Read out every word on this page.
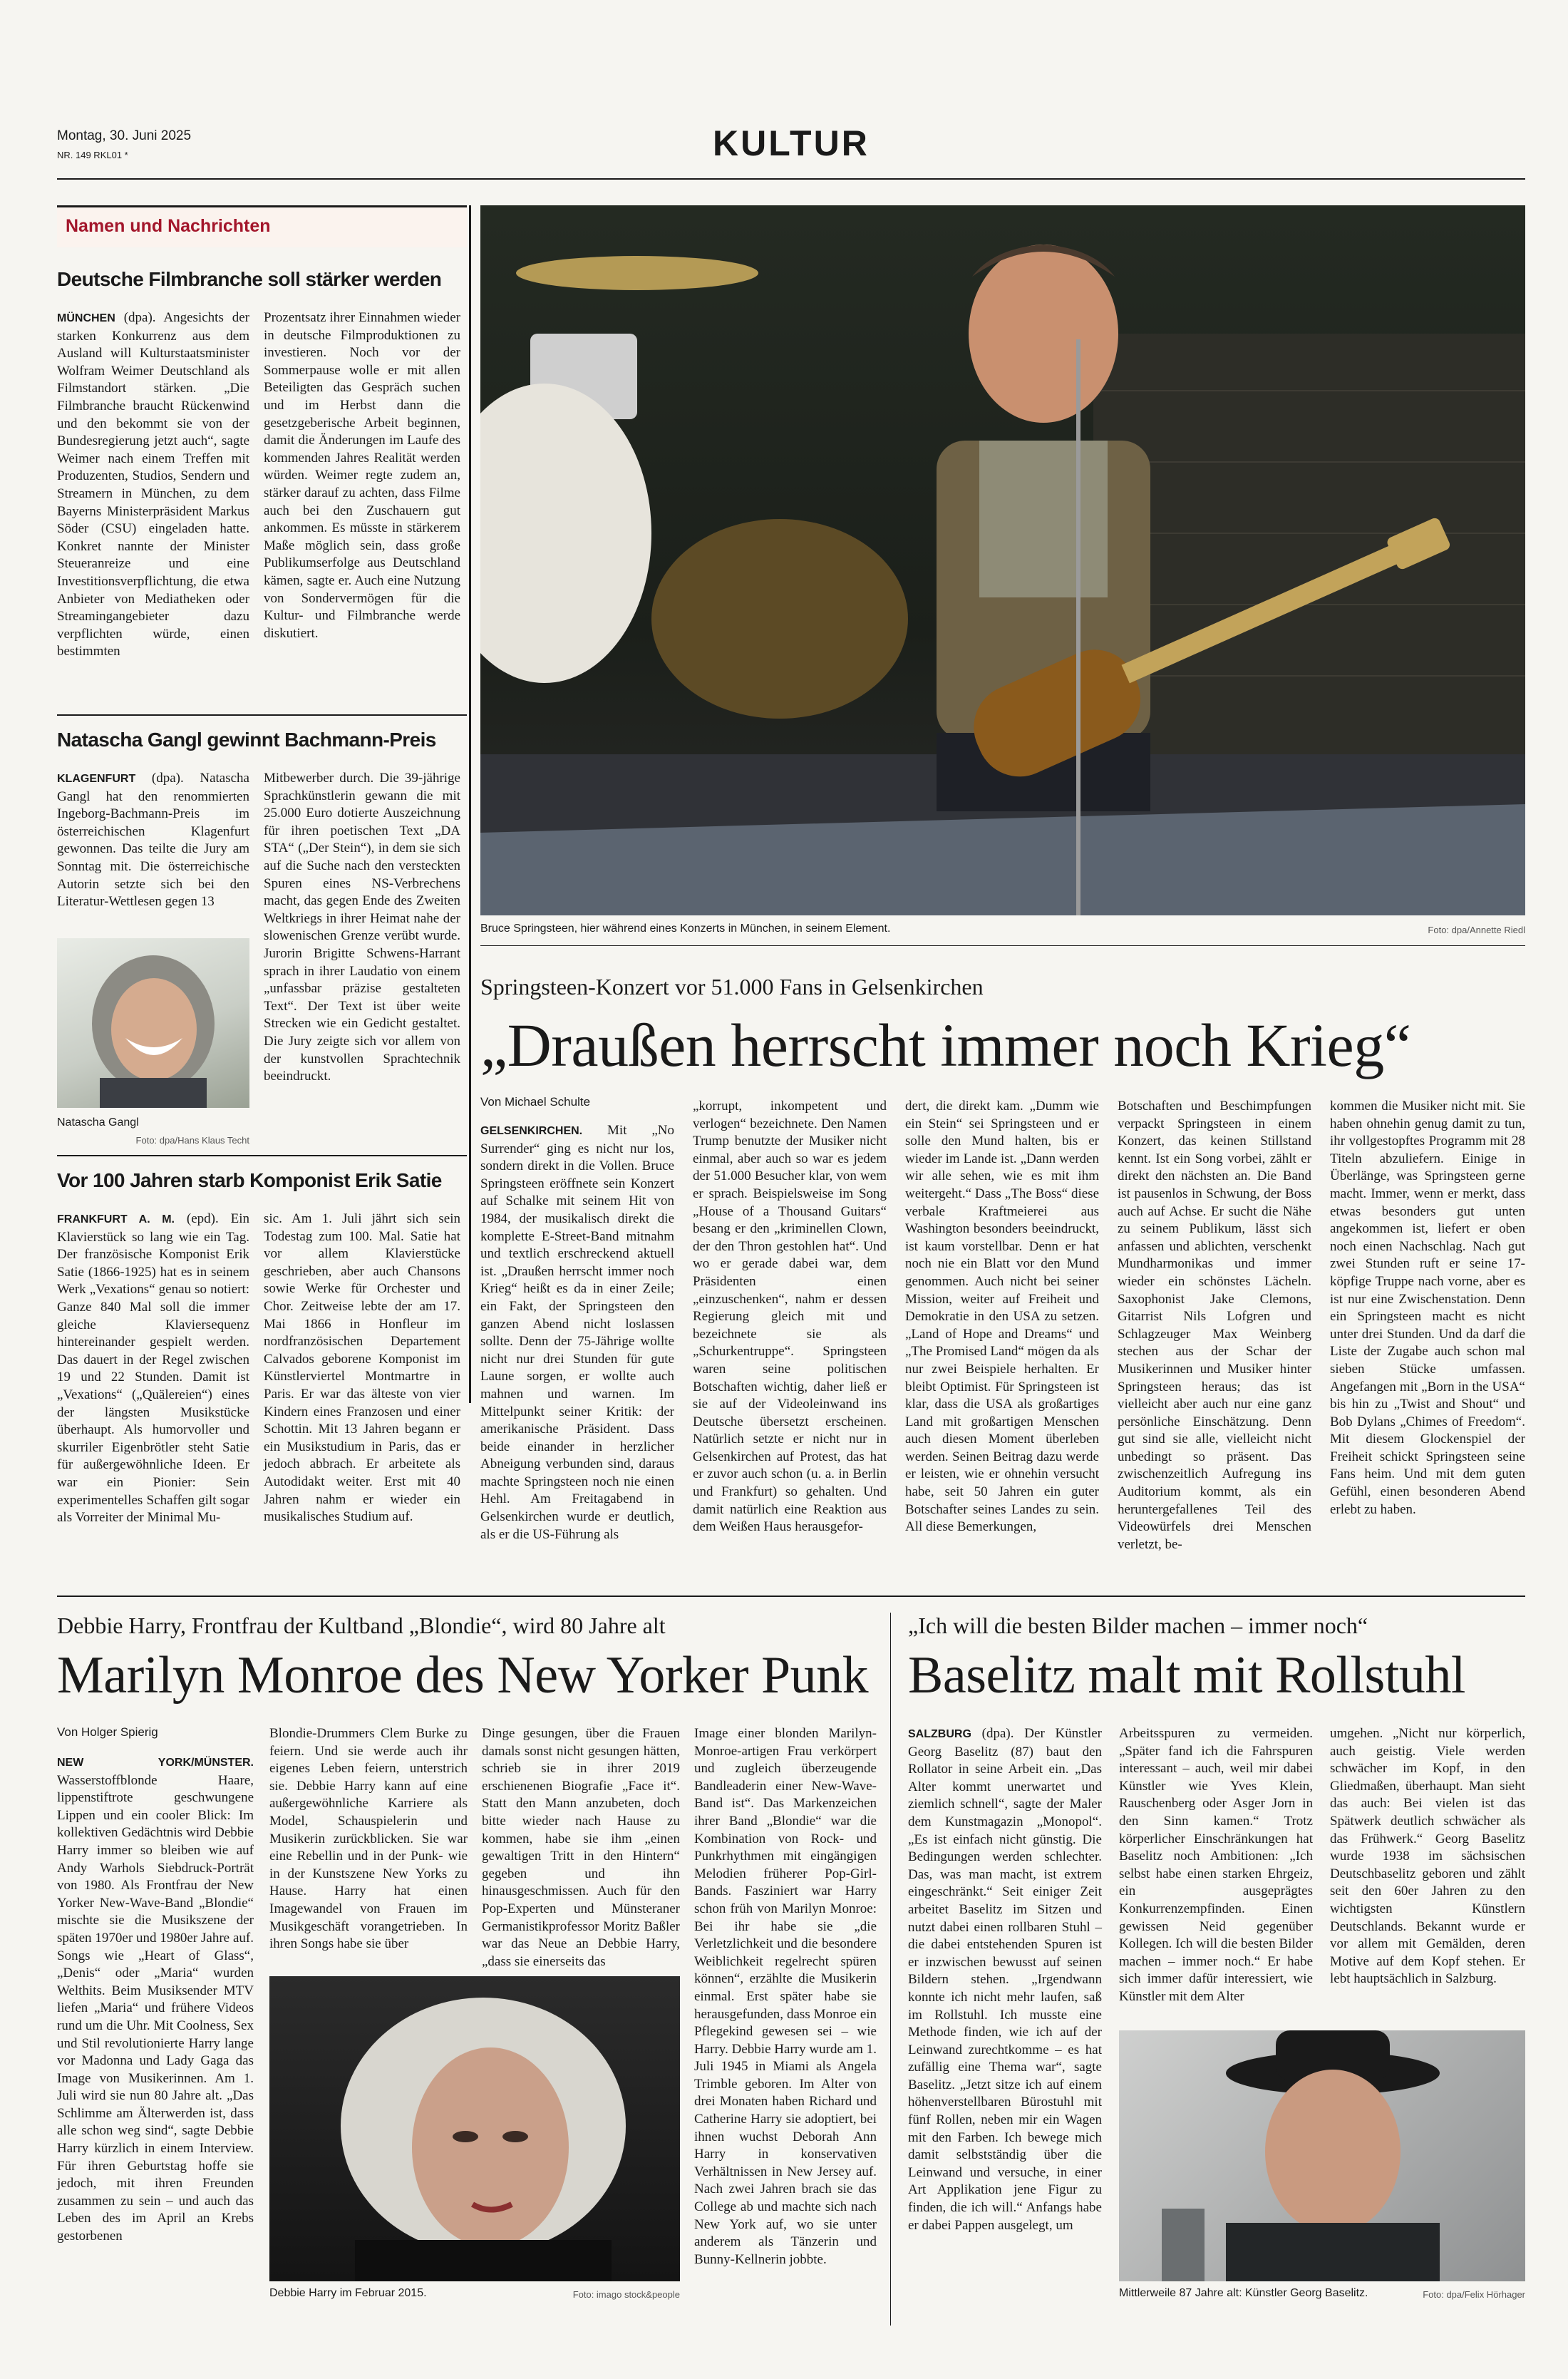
Montag, 30. Juni 2025
NR. 149 RKL01 *	KULTUR
Namen und Nachrichten
Deutsche Filmbranche soll stärker werden

MÜNCHEN (dpa). Angesichts der starken Konkurrenz aus dem Ausland will Kulturstaatsminister Wolfram Weimer Deutschland als Filmstandort stärken. „Die Filmbranche braucht Rückenwind und den bekommt sie von der Bundesregierung jetzt auch“, sagte Weimer nach einem Treffen mit Produzenten, Studios, Sendern und Streamern in München, zu dem Bayerns Ministerpräsident Markus Söder (CSU) eingeladen hatte. Konkret nannte der Minister Steueranreize und eine Investitionsverpflichtung, die etwa Anbieter von Mediatheken oder Streamingangebieter dazu verpflichten würde, einen bestimmten

Prozentsatz ihrer Einnahmen wieder in deutsche Filmproduktionen zu investieren. Noch vor der Sommerpause wolle er mit allen Beteiligten das Gespräch suchen und im Herbst dann die gesetzgeberische Arbeit beginnen, damit die Änderungen im Laufe des kommenden Jahres Realität werden würden. Weimer regte zudem an, stärker darauf zu achten, dass Filme auch bei den Zuschauern gut ankommen. Es müsste in stärkerem Maße möglich sein, dass große Publikumserfolge aus Deutschland kämen, sagte er. Auch eine Nutzung von Sondervermögen für die Kultur- und Filmbranche werde diskutiert.

Natascha Gangl gewinnt Bachmann-Preis

KLAGENFURT (dpa). Natascha Gangl hat den renommierten Ingeborg-Bachmann-Preis im österreichischen Klagenfurt gewonnen. Das teilte die Jury am Sonntag mit. Die österreichische Autorin setzte sich bei den Literatur-Wettlesen gegen 13

Natascha Gangl
Foto: dpa/Hans Klaus Techt

Mitbewerber durch. Die 39-jährige Sprachkünstlerin gewann die mit 25.000 Euro dotierte Auszeichnung für ihren poetischen Text „DA STA“ („Der Stein“), in dem sie sich auf die Suche nach den versteckten Spuren eines NS-Verbrechens macht, das gegen Ende des Zweiten Weltkriegs in ihrer Heimat nahe der slowenischen Grenze verübt wurde. Jurorin Brigitte Schwens-Harrant sprach in ihrer Laudatio von einem „unfassbar präzise gestalteten Text“. Der Text ist über weite Strecken wie ein Gedicht gestaltet. Die Jury zeigte sich vor allem von der kunstvollen Sprachtechnik beeindruckt.

Vor 100 Jahren starb Komponist Erik Satie

FRANKFURT A. M. (epd). Ein Klavierstück so lang wie ein Tag. Der französische Komponist Erik Satie (1866-1925) hat es in seinem Werk „Vexations“ genau so notiert: Ganze 840 Mal soll die immer gleiche Klaviersequenz hintereinander gespielt werden. Das dauert in der Regel zwischen 19 und 22 Stunden. Damit ist „Vexations“ („Quälereien“) eines der längsten Musikstücke überhaupt. Als humorvoller und skurriler Eigenbrötler steht Satie für außergewöhnliche Ideen. Er war ein Pionier: Sein experimentelles Schaffen gilt sogar als Vorreiter der Minimal Mu-

sic. Am 1. Juli jährt sich sein Todestag zum 100. Mal. Satie hat vor allem Klavierstücke geschrieben, aber auch Chansons sowie Werke für Orchester und Chor. Zeitweise lebte der am 17. Mai 1866 in Honfleur im nordfranzösischen Departement Calvados geborene Komponist im Künstlerviertel Montmartre in Paris. Er war das älteste von vier Kindern eines Franzosen und einer Schottin. Mit 13 Jahren begann er ein Musikstudium in Paris, das er jedoch abbrach. Er arbeitete als Autodidakt weiter. Erst mit 40 Jahren nahm er wieder ein musikalisches Studium auf.

Bruce Springsteen, hier während eines Konzerts in München, in seinem Element.	Foto: dpa/Annette Riedl
Springsteen-Konzert vor 51.000 Fans in Gelsenkirchen
„Draußen herrscht immer noch Krieg“
Von Michael Schulte

GELSENKIRCHEN. Mit „No Surrender“ ging es nicht nur los, sondern direkt in die Vollen. Bruce Springsteen eröffnete sein Konzert auf Schalke mit seinem Hit von 1984, der musikalisch direkt die komplette E-Street-Band mitnahm und textlich erschreckend aktuell ist. „Draußen herrscht immer noch Krieg“ heißt es da in einer Zeile; ein Fakt, der Springsteen den ganzen Abend nicht loslassen sollte. Denn der 75-Jährige wollte nicht nur drei Stunden für gute Laune sorgen, er wollte auch mahnen und warnen. Im Mittelpunkt seiner Kritik: der amerikanische Präsident. Dass beide einander in herzlicher Abneigung verbunden sind, daraus machte Springsteen noch nie einen Hehl. Am Freitagabend in Gelsenkirchen wurde er deutlich, als er die US-Führung als

„korrupt, inkompetent und verlogen“ bezeichnete. Den Namen Trump benutzte der Musiker nicht einmal, aber auch so war es jedem der 51.000 Besucher klar, von wem er sprach. Beispielsweise im Song „House of a Thousand Guitars“ besang er den „kriminellen Clown, der den Thron gestohlen hat“. Und wo er gerade dabei war, dem Präsidenten einen „einzuschenken“, nahm er dessen Regierung gleich mit und bezeichnete sie als „Schurkentruppe“. Springsteen waren seine politischen Botschaften wichtig, daher ließ er sie auf der Videoleinwand ins Deutsche übersetzt erscheinen. Natürlich setzte er nicht nur in Gelsenkirchen auf Protest, das hat er zuvor auch schon (u. a. in Berlin und Frankfurt) so gehalten. Und damit natürlich eine Reaktion aus dem Weißen Haus herausgefor-

dert, die direkt kam. „Dumm wie ein Stein“ sei Springsteen und er solle den Mund halten, bis er wieder im Lande ist. „Dann werden wir alle sehen, wie es mit ihm weitergeht.“ Dass „The Boss“ diese verbale Kraftmeierei aus Washington besonders beeindruckt, ist kaum vorstellbar. Denn er hat noch nie ein Blatt vor den Mund genommen. Auch nicht bei seiner Mission, weiter auf Freiheit und Demokratie in den USA zu setzen. „Land of Hope and Dreams“ und „The Promised Land“ mögen da als nur zwei Beispiele herhalten. Er bleibt Optimist. Für Springsteen ist klar, dass die USA als großartiges Land mit großartigen Menschen auch diesen Moment überleben werden. Seinen Beitrag dazu werde er leisten, wie er ohnehin versucht habe, seit 50 Jahren ein guter Botschafter seines Landes zu sein. All diese Bemerkungen,

Botschaften und Beschimpfungen verpackt Springsteen in einem Konzert, das keinen Stillstand kennt. Ist ein Song vorbei, zählt er direkt den nächsten an. Die Band ist pausenlos in Schwung, der Boss auch auf Achse. Er sucht die Nähe zu seinem Publikum, lässt sich anfassen und ablichten, verschenkt Mundharmonikas und immer wieder ein schönstes Lächeln. Saxophonist Jake Clemons, Gitarrist Nils Lofgren und Schlagzeuger Max Weinberg stechen aus der Schar der Musikerinnen und Musiker hinter Springsteen heraus; das ist vielleicht aber auch nur eine ganz persönliche Einschätzung. Denn gut sind sie alle, vielleicht nicht unbedingt so präsent. Das zwischenzeitlich Aufregung ins Auditorium kommt, als ein heruntergefallenes Teil des Videowürfels drei Menschen verletzt, be-

kommen die Musiker nicht mit. Sie haben ohnehin genug damit zu tun, ihr vollgestopftes Programm mit 28 Titeln abzuliefern. Einige in Überlänge, was Springsteen gerne macht. Immer, wenn er merkt, dass etwas besonders gut unten angekommen ist, liefert er oben noch einen Nachschlag. Nach gut zwei Stunden ruft er seine 17-köpfige Truppe nach vorne, aber es ist nur eine Zwischenstation. Denn ein Springsteen macht es nicht unter drei Stunden. Und da darf die Liste der Zugabe auch schon mal sieben Stücke umfassen. Angefangen mit „Born in the USA“ bis hin zu „Twist and Shout“ und Bob Dylans „Chimes of Freedom“. Mit diesem Glockenspiel der Freiheit schickt Springsteen seine Fans heim. Und mit dem guten Gefühl, einen besonderen Abend erlebt zu haben.

Debbie Harry, Frontfrau der Kultband „Blondie“, wird 80 Jahre alt
Marilyn Monroe des New Yorker Punk
Von Holger Spierig

NEW YORK/MÜNSTER. Wasserstoffblonde Haare, lippenstiftrote geschwungene Lippen und ein cooler Blick: Im kollektiven Gedächtnis wird Debbie Harry immer so bleiben wie auf Andy Warhols Siebdruck-Porträt von 1980. Als Frontfrau der New Yorker New-Wave-Band „Blondie“ mischte sie die Musikszene der späten 1970er und 1980er Jahre auf. Songs wie „Heart of Glass“, „Denis“ oder „Maria“ wurden Welthits. Beim Musiksender MTV liefen „Maria“ und frühere Videos rund um die Uhr. Mit Coolness, Sex und Stil revolutionierte Harry lange vor Madonna und Lady Gaga das Image von Musikerinnen. Am 1. Juli wird sie nun 80 Jahre alt. „Das Schlimme am Älterwerden ist, dass alle schon weg sind“, sagte Debbie Harry kürzlich in einem Interview. Für ihren Geburtstag hoffe sie jedoch, mit ihren Freunden zusammen zu sein – und auch das Leben des im April an Krebs gestorbenen

Blondie-Drummers Clem Burke zu feiern. Und sie werde auch ihr eigenes Leben feiern, unterstrich sie. Debbie Harry kann auf eine außergewöhnliche Karriere als Model, Schauspielerin und Musikerin zurückblicken. Sie war eine Rebellin und in der Punk- wie in der Kunstszene New Yorks zu Hause. Harry hat einen Imagewandel von Frauen im Musikgeschäft vorangetrieben. In ihren Songs habe sie über

Dinge gesungen, über die Frauen damals sonst nicht gesungen hätten, schrieb sie in ihrer 2019 erschienenen Biografie „Face it“. Statt den Mann anzubeten, doch bitte wieder nach Hause zu kommen, habe sie ihm „einen gewaltigen Tritt in den Hintern“ gegeben und ihn hinausgeschmissen. Auch für den Pop-Experten und Münsteraner Germanistikprofessor Moritz Baßler war das Neue an Debbie Harry, „dass sie einerseits das

Image einer blonden Marilyn-Monroe-artigen Frau verkörpert und zugleich überzeugende Bandleaderin einer New-Wave-Band ist“. Das Markenzeichen ihrer Band „Blondie“ war die Kombination von Rock- und Punkrhythmen mit eingängigen Melodien früherer Pop-Girl-Bands. Fasziniert war Harry schon früh von Marilyn Monroe: Bei ihr habe sie „die Verletzlichkeit und die besondere Weiblichkeit regelrecht spüren können“, erzählte die Musikerin einmal. Erst später habe sie herausgefunden, dass Monroe ein Pflegekind gewesen sei – wie Harry. Debbie Harry wurde am 1. Juli 1945 in Miami als Angela Trimble geboren. Im Alter von drei Monaten haben Richard und Catherine Harry sie adoptiert, bei ihnen wuchst Deborah Ann Harry in konservativen Verhältnissen in New Jersey auf. Nach zwei Jahren brach sie das College ab und machte sich nach New York auf, wo sie unter anderem als Tänzerin und Bunny-Kellnerin jobbte.

Debbie Harry im Februar 2015.	Foto: imago stock&people
„Ich will die besten Bilder machen – immer noch“
Baselitz malt mit Rollstuhl

SALZBURG (dpa). Der Künstler Georg Baselitz (87) baut den Rollator in seine Arbeit ein. „Das Alter kommt unerwartet und ziemlich schnell“, sagte der Maler dem Kunstmagazin „Monopol“. „Es ist einfach nicht günstig. Die Bedingungen werden schlechter. Das, was man macht, ist extrem eingeschränkt.“ Seit einiger Zeit arbeitet Baselitz im Sitzen und nutzt dabei einen rollbaren Stuhl – die dabei entstehenden Spuren ist er inzwischen bewusst auf seinen Bildern stehen. „Irgendwann konnte ich nicht mehr laufen, saß im Rollstuhl. Ich musste eine Methode finden, wie ich auf der Leinwand zurechtkomme – es hat zufällig eine Thema war“, sagte Baselitz. „Jetzt sitze ich auf einem höhenverstellbaren Bürostuhl mit fünf Rollen, neben mir ein Wagen mit den Farben. Ich bewege mich damit selbstständig über die Leinwand und versuche, in einer Art Applikation jene Figur zu finden, die ich will.“ Anfangs habe er dabei Pappen ausgelegt, um

Arbeitsspuren zu vermeiden. „Später fand ich die Fahrspuren interessant – auch, weil mir dabei Künstler wie Yves Klein, Rauschenberg oder Asger Jorn in den Sinn kamen.“ Trotz körperlicher Einschränkungen hat Baselitz noch Ambitionen: „Ich selbst habe einen starken Ehrgeiz, ein ausgeprägtes Konkurrenzempfinden. Einen gewissen Neid gegenüber Kollegen. Ich will die besten Bilder machen – immer noch.“ Er habe sich immer dafür interessiert, wie Künstler mit dem Alter

umgehen. „Nicht nur körperlich, auch geistig. Viele werden schwächer im Kopf, in den Gliedmaßen, überhaupt. Man sieht das auch: Bei vielen ist das Spätwerk deutlich schwächer als das Frühwerk.“ Georg Baselitz wurde 1938 im sächsischen Deutschbaselitz geboren und zählt seit den 60er Jahren zu den wichtigsten Künstlern Deutschlands. Bekannt wurde er vor allem mit Gemälden, deren Motive auf dem Kopf stehen. Er lebt hauptsächlich in Salzburg.

Mittlerweile 87 Jahre alt: Künstler Georg Baselitz.	Foto: dpa/Felix Hörhager
